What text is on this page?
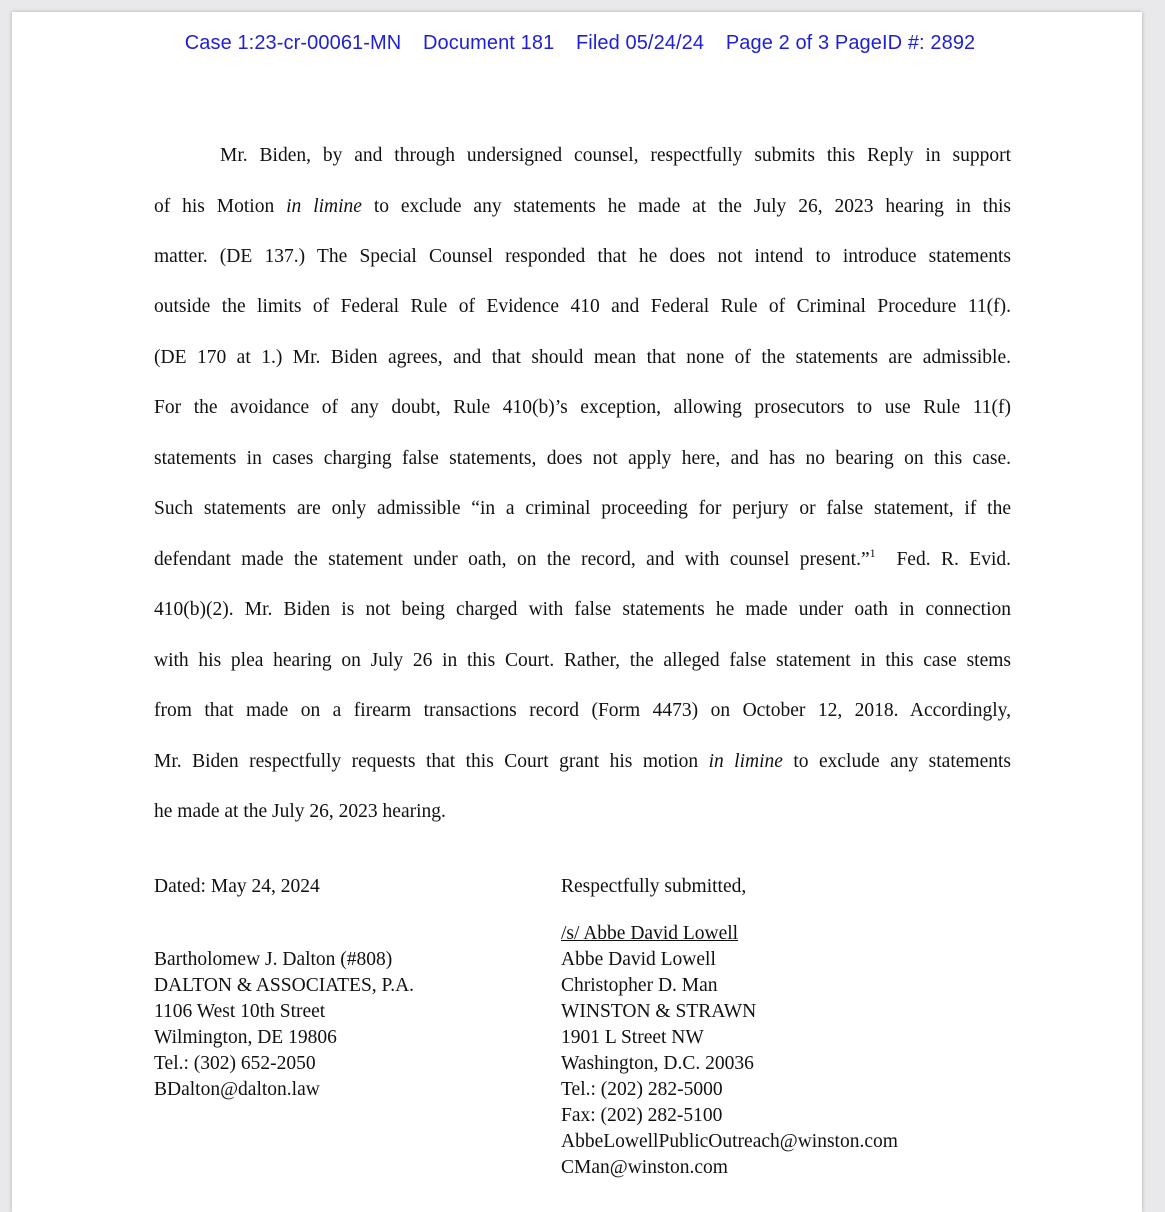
Case 1:23-cr-00061-MN Document 181 Filed 05/24/24 Page 2 of 3 PageID #: 2892
Mr. Biden, by and through undersigned counsel, respectfully submits this Reply in support
of his Motion in limine to exclude any statements he made at the July 26, 2023 hearing in this
matter. (DE 137.) The Special Counsel responded that he does not intend to introduce statements
outside the limits of Federal Rule of Evidence 410 and Federal Rule of Criminal Procedure 11(f).
(DE 170 at 1.) Mr. Biden agrees, and that should mean that none of the statements are admissible.
For the avoidance of any doubt, Rule 410(b)’s exception, allowing prosecutors to use Rule 11(f)
statements in cases charging false statements, does not apply here, and has no bearing on this case.
Such statements are only admissible “in a criminal proceeding for perjury or false statement, if the
defendant made the statement under oath, on the record, and with counsel present.”$^1$  Fed. R. Evid.
410(b)(2). Mr. Biden is not being charged with false statements he made under oath in connection
with his plea hearing on July 26 in this Court. Rather, the alleged false statement in this case stems
from that made on a firearm transactions record (Form 4473) on October 12, 2018. Accordingly,
Mr. Biden respectfully requests that this Court grant his motion in limine to exclude any statements
he made at the July 26, 2023 hearing.
Dated: May 24, 2024	Respectfully submitted,
/s/ Abbe David Lowell
Bartholomew J. Dalton (#808)
DALTON & ASSOCIATES, P.A.
1106 West 10th Street
Wilmington, DE 19806
Tel.: (302) 652-2050
BDalton@dalton.law
Abbe David Lowell
Christopher D. Man
WINSTON & STRAWN
1901 L Street NW
Washington, D.C. 20036
Tel.: (202) 282-5000
Fax: (202) 282-5100
AbbeLowellPublicOutreach@winston.com
CMan@winston.com
